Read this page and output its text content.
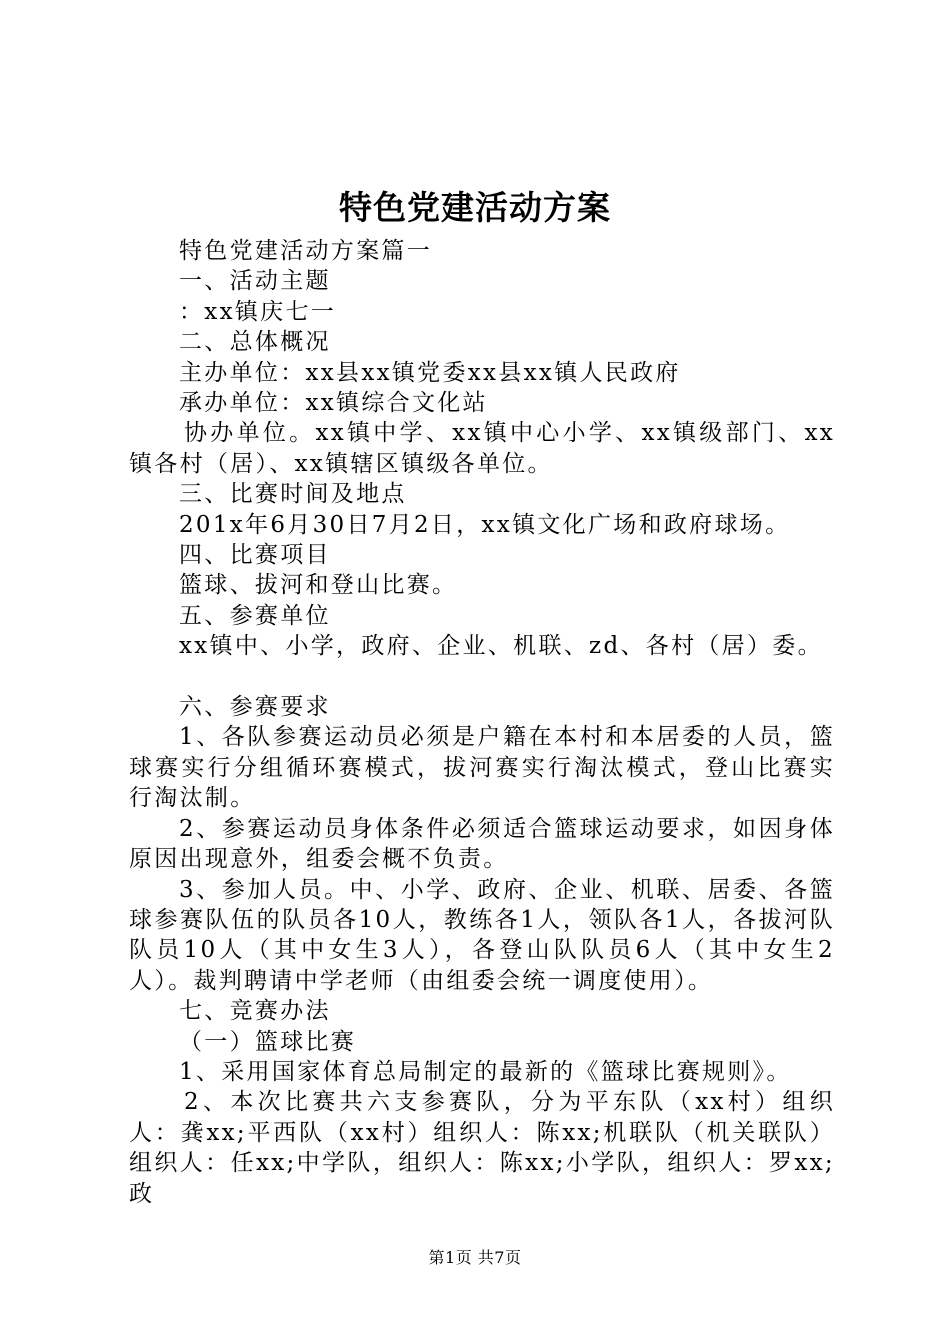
特色党建活动方案

特色党建活动方案篇一

一、活动主题

：xx镇庆七一

二、总体概况

主办单位：xx县xx镇党委xx县xx镇人民政府

承办单位：xx镇综合文化站

协办单位。xx镇中学、xx镇中心小学、xx镇级部门、xx镇各村（居）、xx镇辖区镇级各单位。

三、比赛时间及地点

201x年6月30日7月2日，xx镇文化广场和政府球场。

四、比赛项目

篮球、拔河和登山比赛。

五、参赛单位

xx镇中、小学，政府、企业、机联、zd、各村（居）委。

六、参赛要求

1、各队参赛运动员必须是户籍在本村和本居委的人员，篮球赛实行分组循环赛模式，拔河赛实行淘汰模式，登山比赛实行淘汰制。

2、参赛运动员身体条件必须适合篮球运动要求，如因身体原因出现意外，组委会概不负责。

3、参加人员。中、小学、政府、企业、机联、居委、各篮球参赛队伍的队员各10人，教练各1人，领队各1人，各拔河队队员10人（其中女生3人），各登山队队员6人（其中女生2人）。裁判聘请中学老师（由组委会统一调度使用）。

七、竞赛办法

（一）篮球比赛

1、采用国家体育总局制定的最新的《篮球比赛规则》。

2、本次比赛共六支参赛队，分为平东队（xx村）组织人：龚xx;平西队（xx村）组织人：陈xx;机联队（机关联队）组织人：任xx;中学队，组织人：陈xx;小学队，组织人：罗xx;政

第1页 共7页
